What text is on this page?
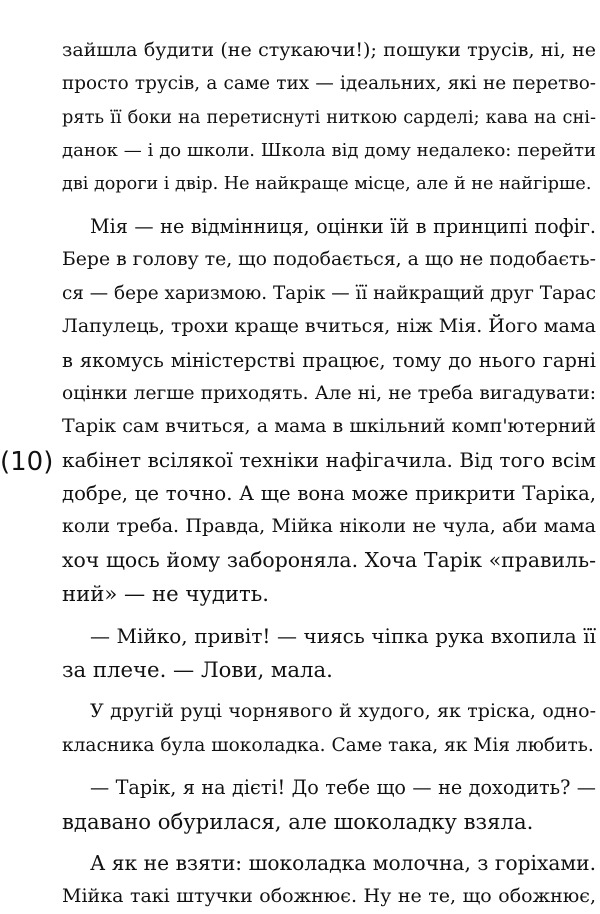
(10)
зайшла будити (не стукаючи!); пошуки трусів, ні, не
просто трусів, а саме тих — ідеальних, які не перетво-
рять її боки на перетиснуті ниткою сарделі; кава на сні-
данок — і до школи. Школа від дому недалеко: перейти
дві дороги і двір. Не найкраще місце, але й не найгірше.
Мія — не відмінниця, оцінки їй в принципі пофіг.
Бере в голову те, що подобається, а що не подобаєть-
ся — бере харизмою. Тарік — її найкращий друг Тарас
Лапулець, трохи краще вчиться, ніж Мія. Його мама
в якомусь міністерстві працює, тому до нього гарні
оцінки легше приходять. Але ні, не треба вигадувати:
Тарік сам вчиться, а мама в шкільний комп'ютерний
кабінет всілякої техніки нафігачила. Від того всім
добре, це точно. А ще вона може прикрити Таріка,
коли треба. Правда, Мійка ніколи не чула, аби мама
хоч щось йому забороняла. Хоча Тарік «правиль-
ний» — не чудить.
— Мійко, привіт! — чиясь чіпка рука вхопила її
за плече. — Лови, мала.
У другій руці чорнявого й худого, як тріска, одно-
класника була шоколадка. Саме така, як Мія любить.
— Тарік, я на дієті! До тебе що — не доходить? —
вдавано обурилася, але шоколадку взяла.
А як не взяти: шоколадка молочна, з горіхами.
Мійка такі штучки обожнює. Ну не те, що обожнює,
